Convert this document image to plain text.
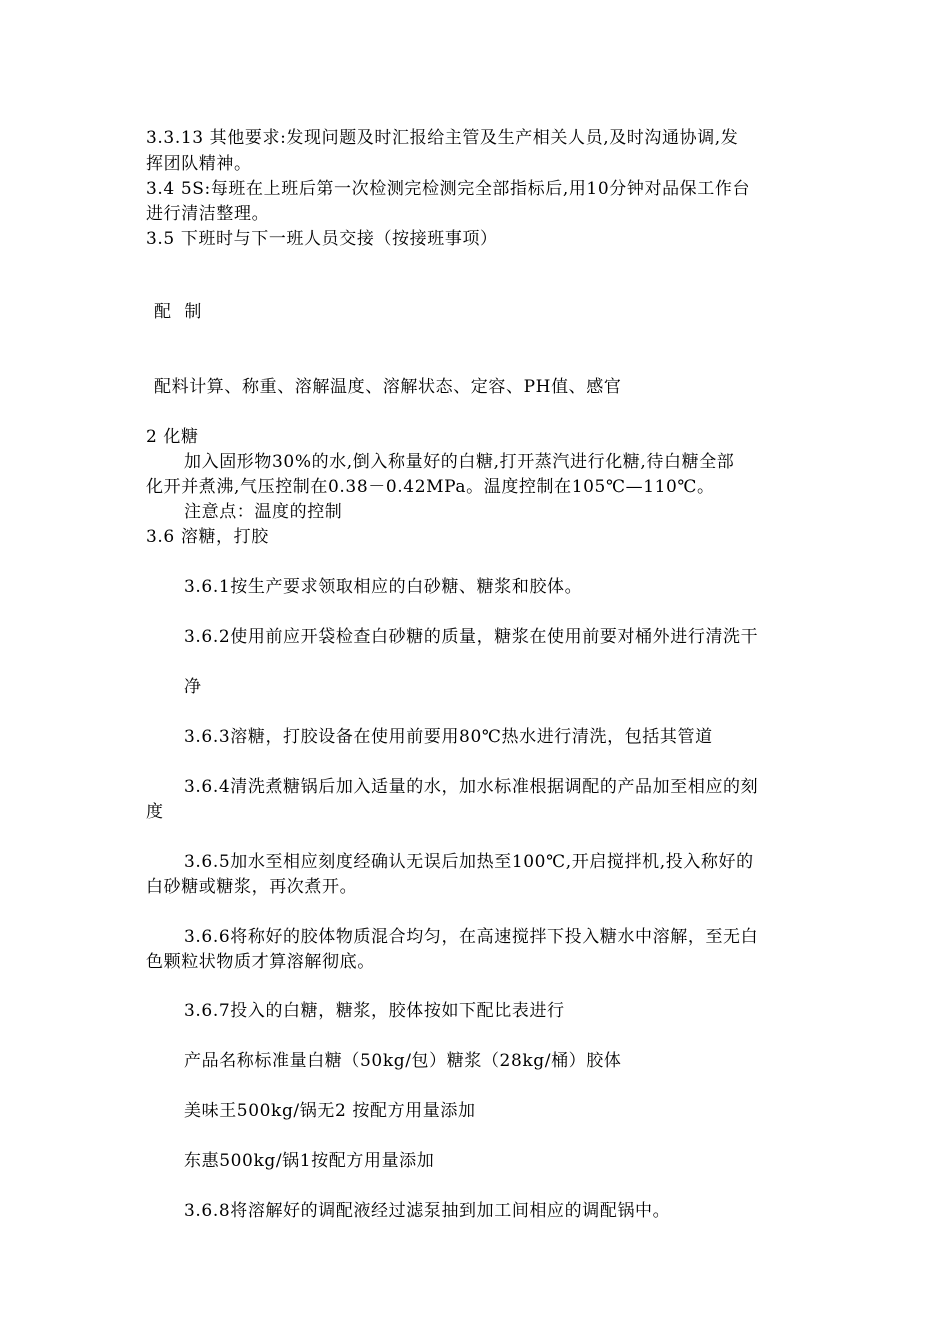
3.3.13 其他要求:发现问题及时汇报给主管及生产相关人员,及时沟通协调,发
挥团队精神。
3.4 5S:每班在上班后第一次检测完检测完全部指标后,用10分钟对品保工作台
进行清洁整理。
3.5 下班时与下一班人员交接（按接班事项）
配 制
配料计算、称重、溶解温度、溶解状态、定容、PH值、感官
2 化糖
加入固形物30%的水,倒入称量好的白糖,打开蒸汽进行化糖,待白糖全部
化开并煮沸,气压控制在0.38－0.42MPa。温度控制在105℃—110℃。
注意点：温度的控制
3.6 溶糖，打胶
3.6.1按生产要求领取相应的白砂糖、糖浆和胶体。
3.6.2使用前应开袋检查白砂糖的质量，糖浆在使用前要对桶外进行清洗干
净
3.6.3溶糖，打胶设备在使用前要用80℃热水进行清洗，包括其管道
3.6.4清洗煮糖锅后加入适量的水，加水标准根据调配的产品加至相应的刻
度
3.6.5加水至相应刻度经确认无误后加热至100℃,开启搅拌机,投入称好的
白砂糖或糖浆，再次煮开。
3.6.6将称好的胶体物质混合均匀，在高速搅拌下投入糖水中溶解，至无白
色颗粒状物质才算溶解彻底。
3.6.7投入的白糖，糖浆，胶体按如下配比表进行
产品名称标准量白糖（50kg/包）糖浆（28kg/桶）胶体
美味王500kg/锅无2 按配方用量添加
东惠500kg/锅1按配方用量添加
3.6.8将溶解好的调配液经过滤泵抽到加工间相应的调配锅中。
